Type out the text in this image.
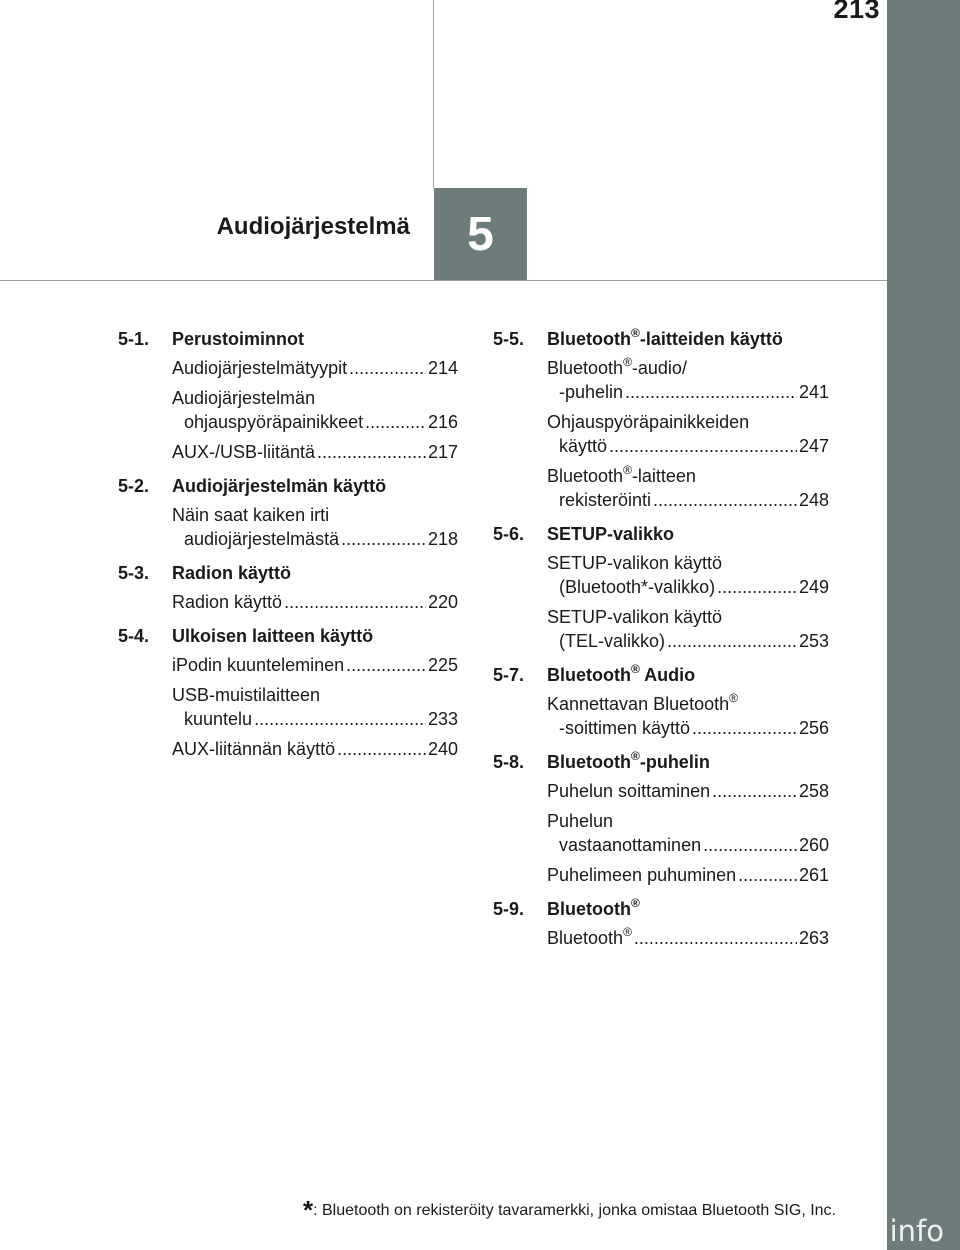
213
Audiojärjestelmä 5
5-1.	Perustoiminnot
Audiojärjestelmätyypit .....	214
Audiojärjestelmän
ohjauspyöräpainikkeet .....	216
AUX-/USB-liitäntä .....	217
5-2.	Audiojärjestelmän käyttö
Näin saat kaiken irti
audiojärjestelmästä .....	218
5-3.	Radion käyttö
Radion käyttö .....	220
5-4.	Ulkoisen laitteen käyttö
iPodin kuunteleminen .....	225
USB-muistilaitteen
kuuntelu .....	233
AUX-liitännän käyttö .....	240
5-5.	Bluetooth®-laitteiden käyttö
Bluetooth®-audio/
-puhelin .....	241
Ohjauspyöräpainikkeiden
käyttö .....	247
Bluetooth®-laitteen
rekisteröinti .....	248
5-6.	SETUP-valikko
SETUP-valikon käyttö
(Bluetooth*-valikko) .....	249
SETUP-valikon käyttö
(TEL-valikko) .....	253
5-7.	Bluetooth® Audio
Kannettavan Bluetooth®
-soittimen käyttö .....	256
5-8.	Bluetooth®-puhelin
Puhelun soittaminen .....	258
Puhelun
vastaanottaminen .....	260
Puhelimeen puhuminen .....	261
5-9.	Bluetooth®
Bluetooth® .....	263
*: Bluetooth on rekisteröity tavaramerkki, jonka omistaa Bluetooth SIG, Inc.
carmanualsonline.info
